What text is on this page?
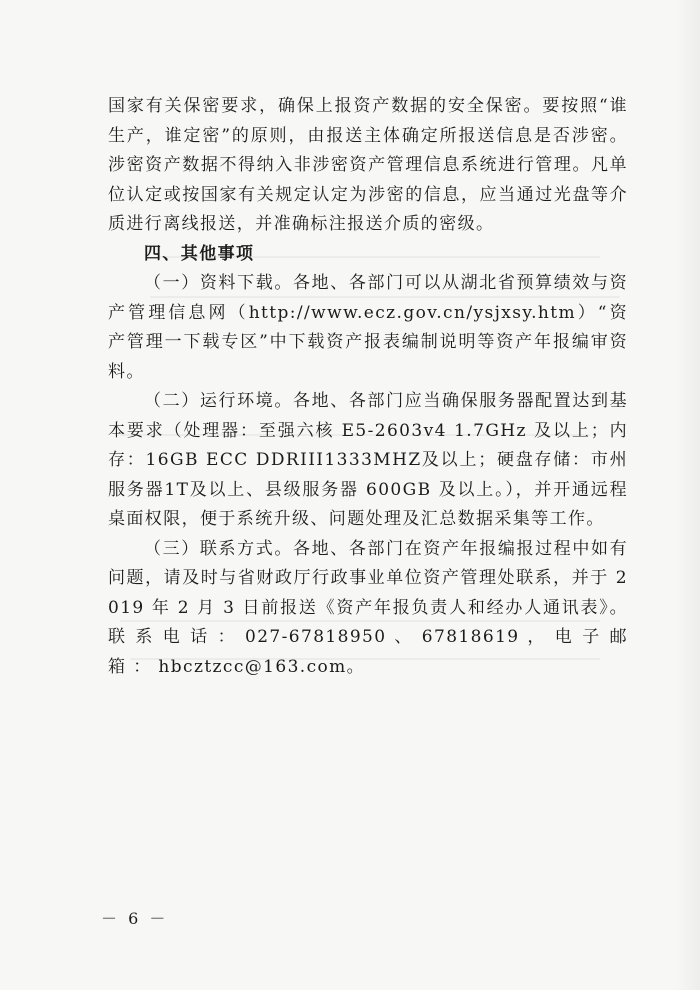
国家有关保密要求，确保上报资产数据的安全保密。要按照“谁生产，谁定密”的原则，由报送主体确定所报送信息是否涉密。涉密资产数据不得纳入非涉密资产管理信息系统进行管理。凡单位认定或按国家有关规定认定为涉密的信息，应当通过光盘等介质进行离线报送，并准确标注报送介质的密级。

四、其他事项

（一）资料下载。各地、各部门可以从湖北省预算绩效与资产管理信息网（http://www.ecz.gov.cn/ysjxsy.htm）“资产管理一下载专区”中下载资产报表编制说明等资产年报编审资料。

（二）运行环境。各地、各部门应当确保服务器配置达到基本要求（处理器：至强六核 E5-2603v4 1.7GHz 及以上；内存：16GB ECC DDRIII1333MHZ及以上；硬盘存储：市州服务器1T及以上、县级服务器 600GB 及以上。），并开通远程桌面权限，便于系统升级、问题处理及汇总数据采集等工作。

（三）联系方式。各地、各部门在资产年报编报过程中如有问题，请及时与省财政厅行政事业单位资产管理处联系，并于 2019 年 2 月 3 日前报送《资产年报负责人和经办人通讯表》。联 系 电 话 ： 027-67818950 、 67818619 ， 电 子 邮 箱 ： hbcztzcc@163.com。

－ 6 －
